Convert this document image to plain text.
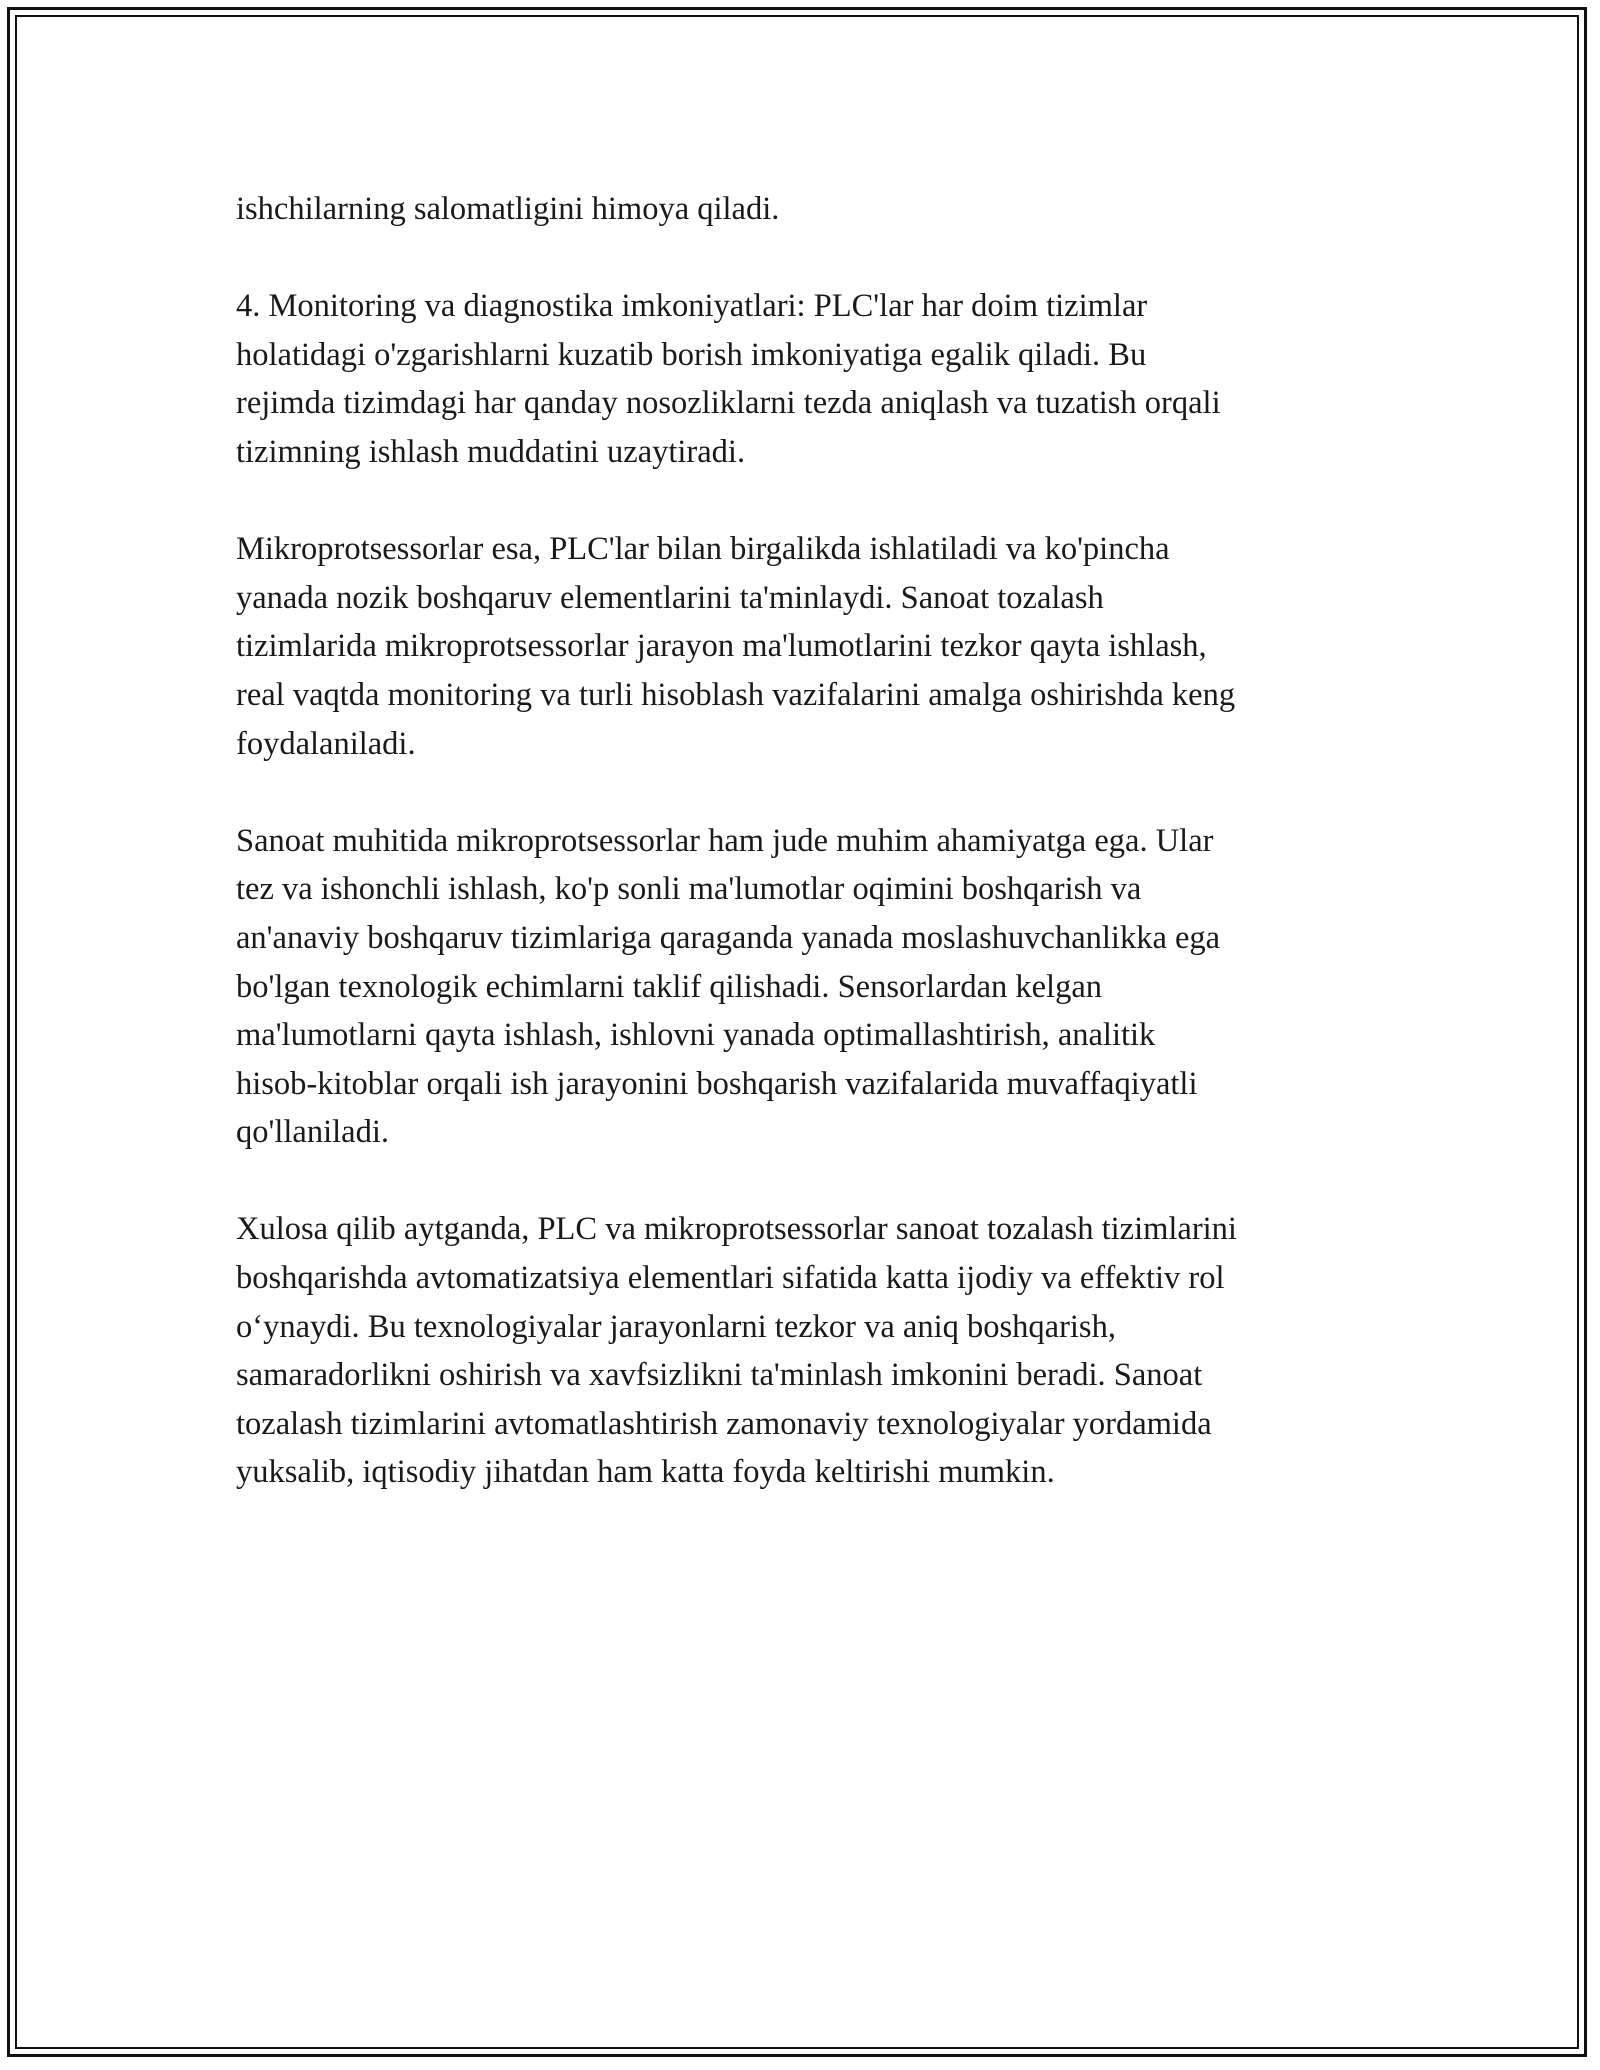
ishchilarning salomatligini himoya qiladi.

4. Monitoring va diagnostika imkoniyatlari: PLC'lar har doim tizimlar
holatidagi o'zgarishlarni kuzatib borish imkoniyatiga egalik qiladi. Bu
rejimda tizimdagi har qanday nosozliklarni tezda aniqlash va tuzatish orqali
tizimning ishlash muddatini uzaytiradi.

Mikroprotsessorlar esa, PLC'lar bilan birgalikda ishlatiladi va ko'pincha
yanada nozik boshqaruv elementlarini ta'minlaydi. Sanoat tozalash
tizimlarida mikroprotsessorlar jarayon ma'lumotlarini tezkor qayta ishlash,
real vaqtda monitoring va turli hisoblash vazifalarini amalga oshirishda keng
foydalaniladi.

Sanoat muhitida mikroprotsessorlar ham jude muhim ahamiyatga ega. Ular
tez va ishonchli ishlash, ko'p sonli ma'lumotlar oqimini boshqarish va
an'anaviy boshqaruv tizimlariga qaraganda yanada moslashuvchanlikka ega
bo'lgan texnologik echimlarni taklif qilishadi. Sensorlardan kelgan
ma'lumotlarni qayta ishlash, ishlovni yanada optimallashtirish, analitik
hisob-kitoblar orqali ish jarayonini boshqarish vazifalarida muvaffaqiyatli
qo'llaniladi.

Xulosa qilib aytganda, PLC va mikroprotsessorlar sanoat tozalash tizimlarini
boshqarishda avtomatizatsiya elementlari sifatida katta ijodiy va effektiv rol
o‘ynaydi. Bu texnologiyalar jarayonlarni tezkor va aniq boshqarish,
samaradorlikni oshirish va xavfsizlikni ta'minlash imkonini beradi. Sanoat
tozalash tizimlarini avtomatlashtirish zamonaviy texnologiyalar yordamida
yuksalib, iqtisodiy jihatdan ham katta foyda keltirishi mumkin.
